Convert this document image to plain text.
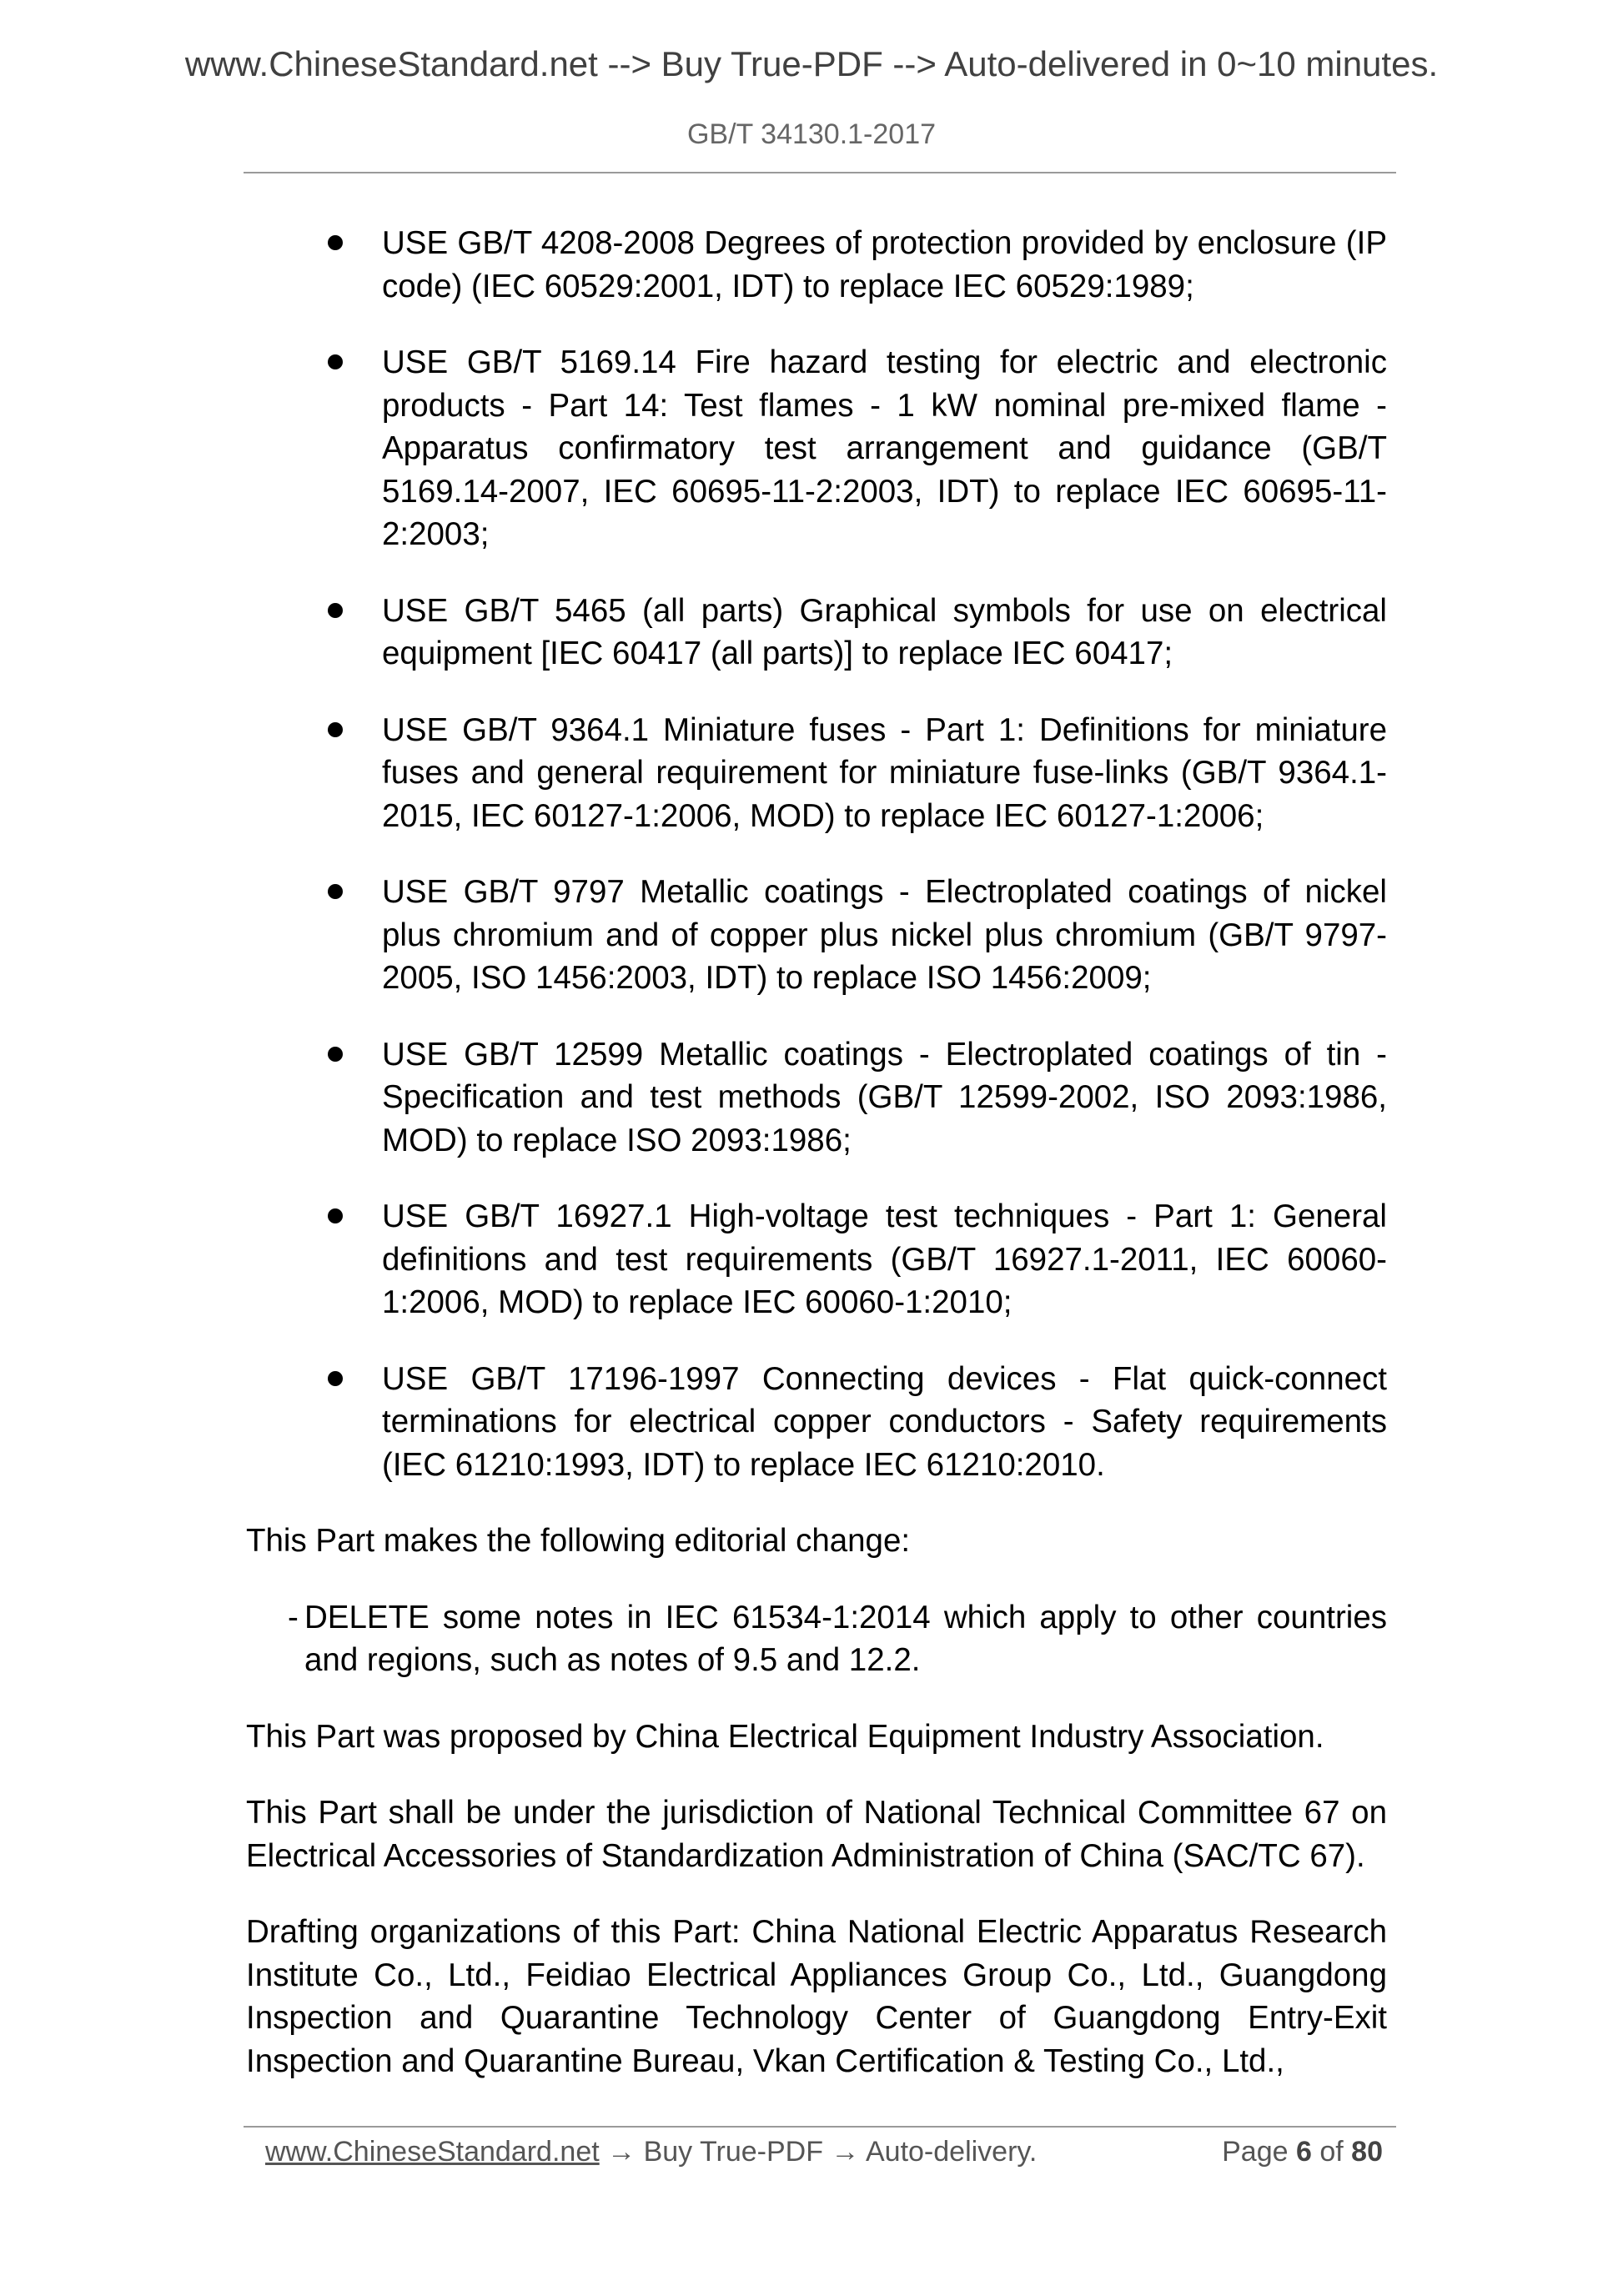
www.ChineseStandard.net --> Buy True-PDF --> Auto-delivered in 0~10 minutes.
GB/T 34130.1-2017
USE GB/T 4208-2008 Degrees of protection provided by enclosure (IP code) (IEC 60529:2001, IDT) to replace IEC 60529:1989;
USE GB/T 5169.14 Fire hazard testing for electric and electronic products - Part 14: Test flames - 1 kW nominal pre-mixed flame - Apparatus confirmatory test arrangement and guidance (GB/T 5169.14-2007, IEC 60695-11-2:2003, IDT) to replace IEC 60695-11-2:2003;
USE GB/T 5465 (all parts) Graphical symbols for use on electrical equipment [IEC 60417 (all parts)] to replace IEC 60417;
USE GB/T 9364.1 Miniature fuses - Part 1: Definitions for miniature fuses and general requirement for miniature fuse-links (GB/T 9364.1-2015, IEC 60127-1:2006, MOD) to replace IEC 60127-1:2006;
USE GB/T 9797 Metallic coatings - Electroplated coatings of nickel plus chromium and of copper plus nickel plus chromium (GB/T 9797-2005, ISO 1456:2003, IDT) to replace ISO 1456:2009;
USE GB/T 12599 Metallic coatings - Electroplated coatings of tin - Specification and test methods (GB/T 12599-2002, ISO 2093:1986, MOD) to replace ISO 2093:1986;
USE GB/T 16927.1 High-voltage test techniques - Part 1: General definitions and test requirements (GB/T 16927.1-2011, IEC 60060-1:2006, MOD) to replace IEC 60060-1:2010;
USE GB/T 17196-1997 Connecting devices - Flat quick-connect terminations for electrical copper conductors - Safety requirements (IEC 61210:1993, IDT) to replace IEC 61210:2010.

This Part makes the following editorial change:

- DELETE some notes in IEC 61534-1:2014 which apply to other countries and regions, such as notes of 9.5 and 12.2.

This Part was proposed by China Electrical Equipment Industry Association.

This Part shall be under the jurisdiction of National Technical Committee 67 on Electrical Accessories of Standardization Administration of China (SAC/TC 67).

Drafting organizations of this Part: China National Electric Apparatus Research Institute Co., Ltd., Feidiao Electrical Appliances Group Co., Ltd., Guangdong Inspection and Quarantine Technology Center of Guangdong Entry-Exit Inspection and Quarantine Bureau, Vkan Certification & Testing Co., Ltd.,

www.ChineseStandard.net → Buy True-PDF → Auto-delivery.	Page 6 of 80
